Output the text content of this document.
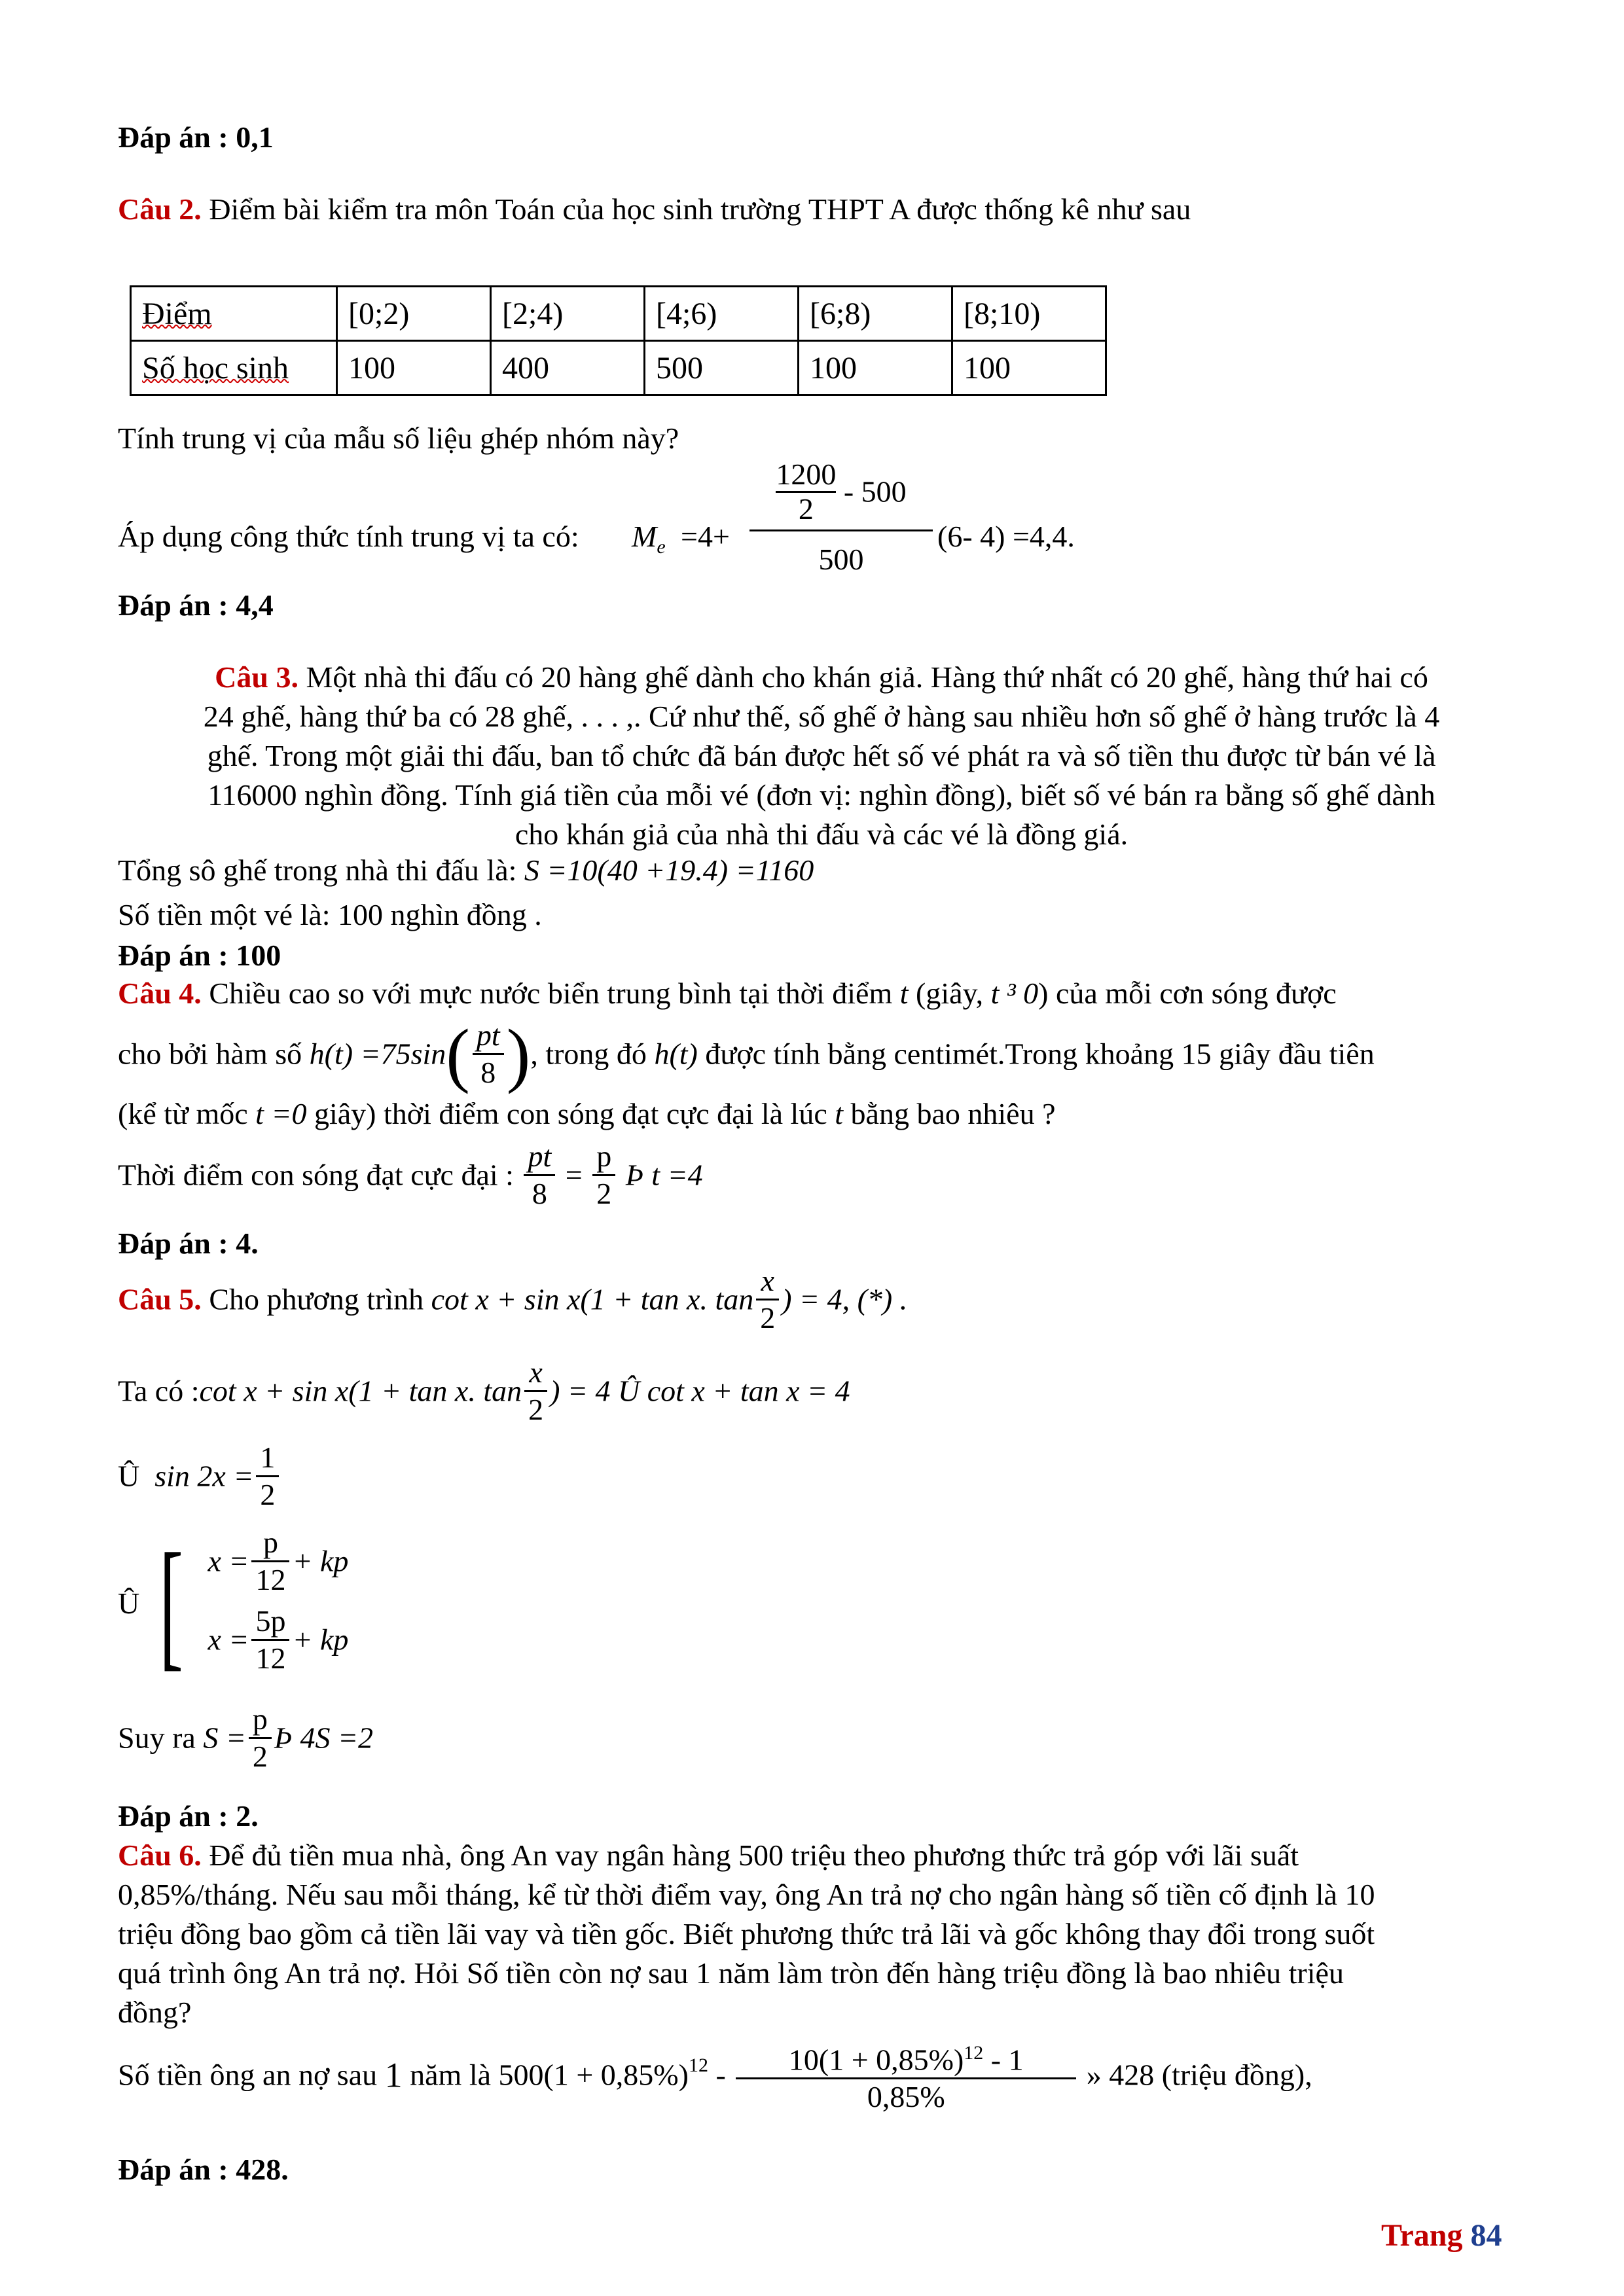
Đáp án : 0,1
Câu 2. Điểm bài kiểm tra môn Toán của học sinh trường THPT A được thống kê như sau
Điểm	[0;2)	[2;4)	[4;6)	[6;8)	[8;10)
Số học sinh	100	400	500	100	100
Tính trung vị của mẫu số liệu ghép nhóm này?
Áp dụng công thức tính trung vị ta có: $M_e =4+$
$\frac{1200}{2} - 500$
500
(6- 4) =4,4.
Đáp án : 4,4
Câu 3. Một nhà thi đấu có 20 hàng ghế dành cho khán giả. Hàng thứ nhất có 20 ghế, hàng thứ hai có
24 ghế, hàng thứ ba có 28 ghế, . . . ,. Cứ như thế, số ghế ở hàng sau nhiều hơn số ghế ở hàng trước là 4
ghế. Trong một giải thi đấu, ban tổ chức đã bán được hết số vé phát ra và số tiền thu được từ bán vé là
116000 nghìn đồng. Tính giá tiền của mỗi vé (đơn vị: nghìn đồng), biết số vé bán ra bằng số ghế dành
cho khán giả của nhà thi đấu và các vé là đồng giá.
Tổng sô ghế trong nhà thi đấu là: S =10(40 +19.4) =1160
Số tiền một vé là: 100 nghìn đồng .
Đáp án : 100
Câu 4. Chiều cao so với mực nước biển trung bình tại thời điểm t (giây, t ³ 0) của mỗi cơn sóng được
cho bởi hàm số $h(t) =75\sin( \frac{pt}{8}$ ), trong đó h(t) được tính bằng centimét.Trong khoảng 15 giây đầu tiên
(kể từ mốc t =0 giây) thời điểm con sóng đạt cực đại là lúc t bằng bao nhiêu ?
Thời điểm con sóng đạt cực đại : $\frac{pt}{8} = \frac{p}{2}$ Þ t =4
Đáp án : 4.
Câu 5. Cho phương trình cot x + sin x(1 + tan x. $\tan \frac{x}{2}$ ) = 4, (*) .
Ta có :cot x + sin x(1 + tan x. $\tan \frac{x}{2}$ ) = 4 Û cot x + tan x = 4
Û $\sin 2x = \frac{1}{2}$
Û [ $x = \frac{p}{12}$ + kp
$x = \frac{5p}{12}$ + kp
Suy ra $S = \frac{p}{2}$ Þ 4S =2
Đáp án : 2.
Câu 6. Để đủ tiền mua nhà, ông An vay ngân hàng 500 triệu theo phương thức trả góp với lãi suất
0,85%/tháng. Nếu sau mỗi tháng, kể từ thời điểm vay, ông An trả nợ cho ngân hàng số tiền cố định là 10
triệu đồng bao gồm cả tiền lãi vay và tiền gốc. Biết phương thức trả lãi và gốc không thay đổi trong suốt
quá trình ông An trả nợ. Hỏi Số tiền còn nợ sau 1 năm làm tròn đến hàng triệu đồng là bao nhiêu triệu
đồng?
Số tiền ông an nợ sau 1 năm là $500(1 + 0,85\%)^{12} - \frac{10(1 + 0,85\%)^{12} - 1}{0,85\%}$ » 428 (triệu đồng),
Đáp án : 428.
Trang 84
